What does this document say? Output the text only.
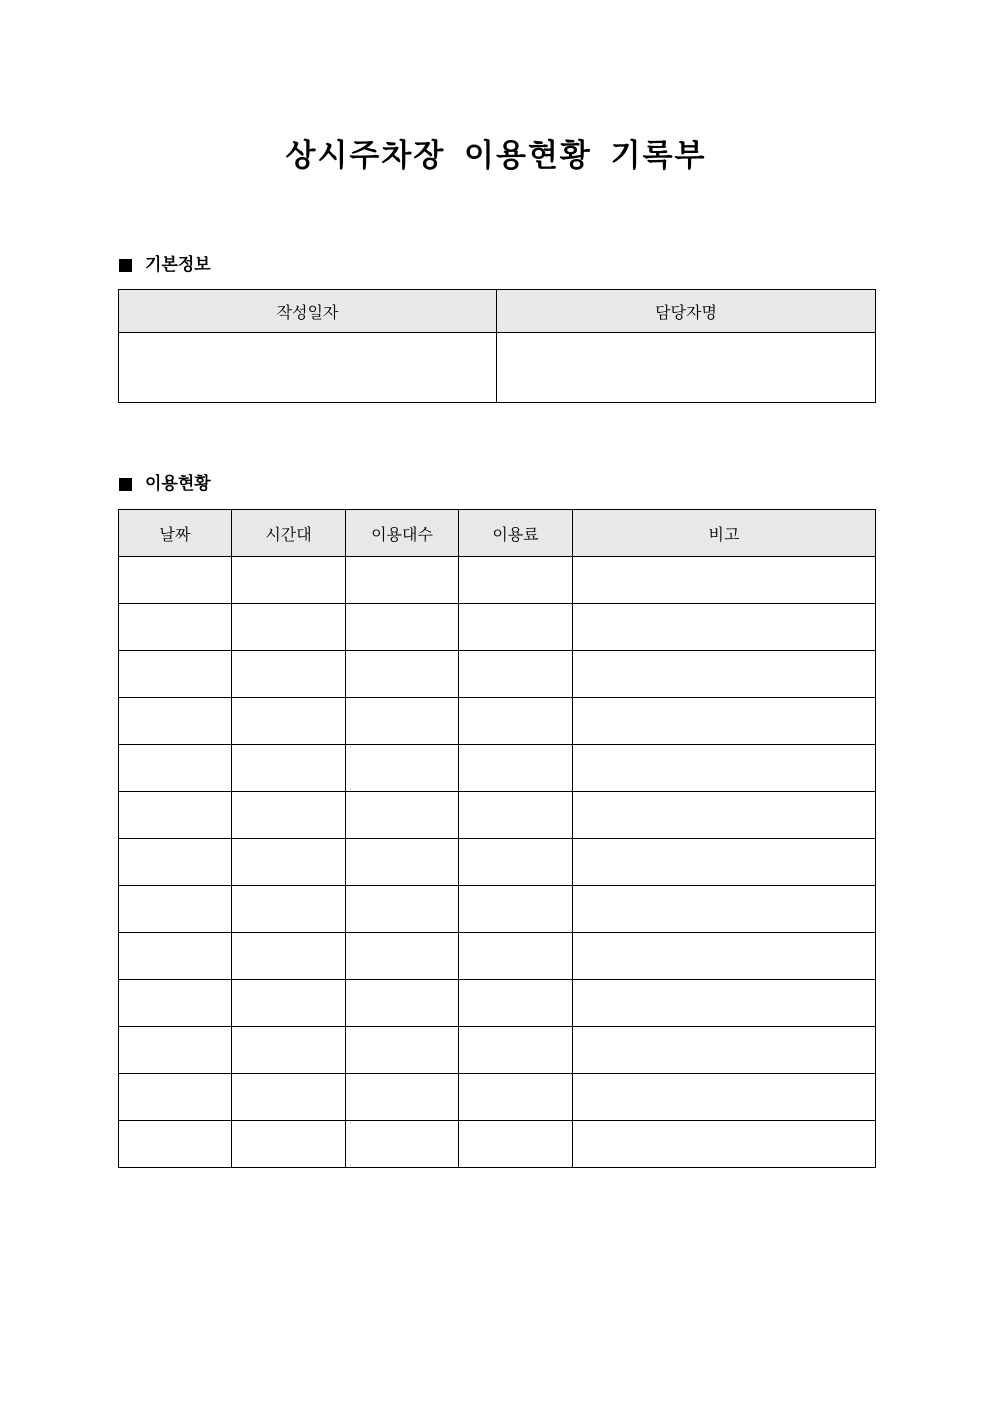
상시주차장 이용현황 기록부
기본정보
작성일자	담당자명

이용현황
날짜	시간대	이용대수	이용료	비고
